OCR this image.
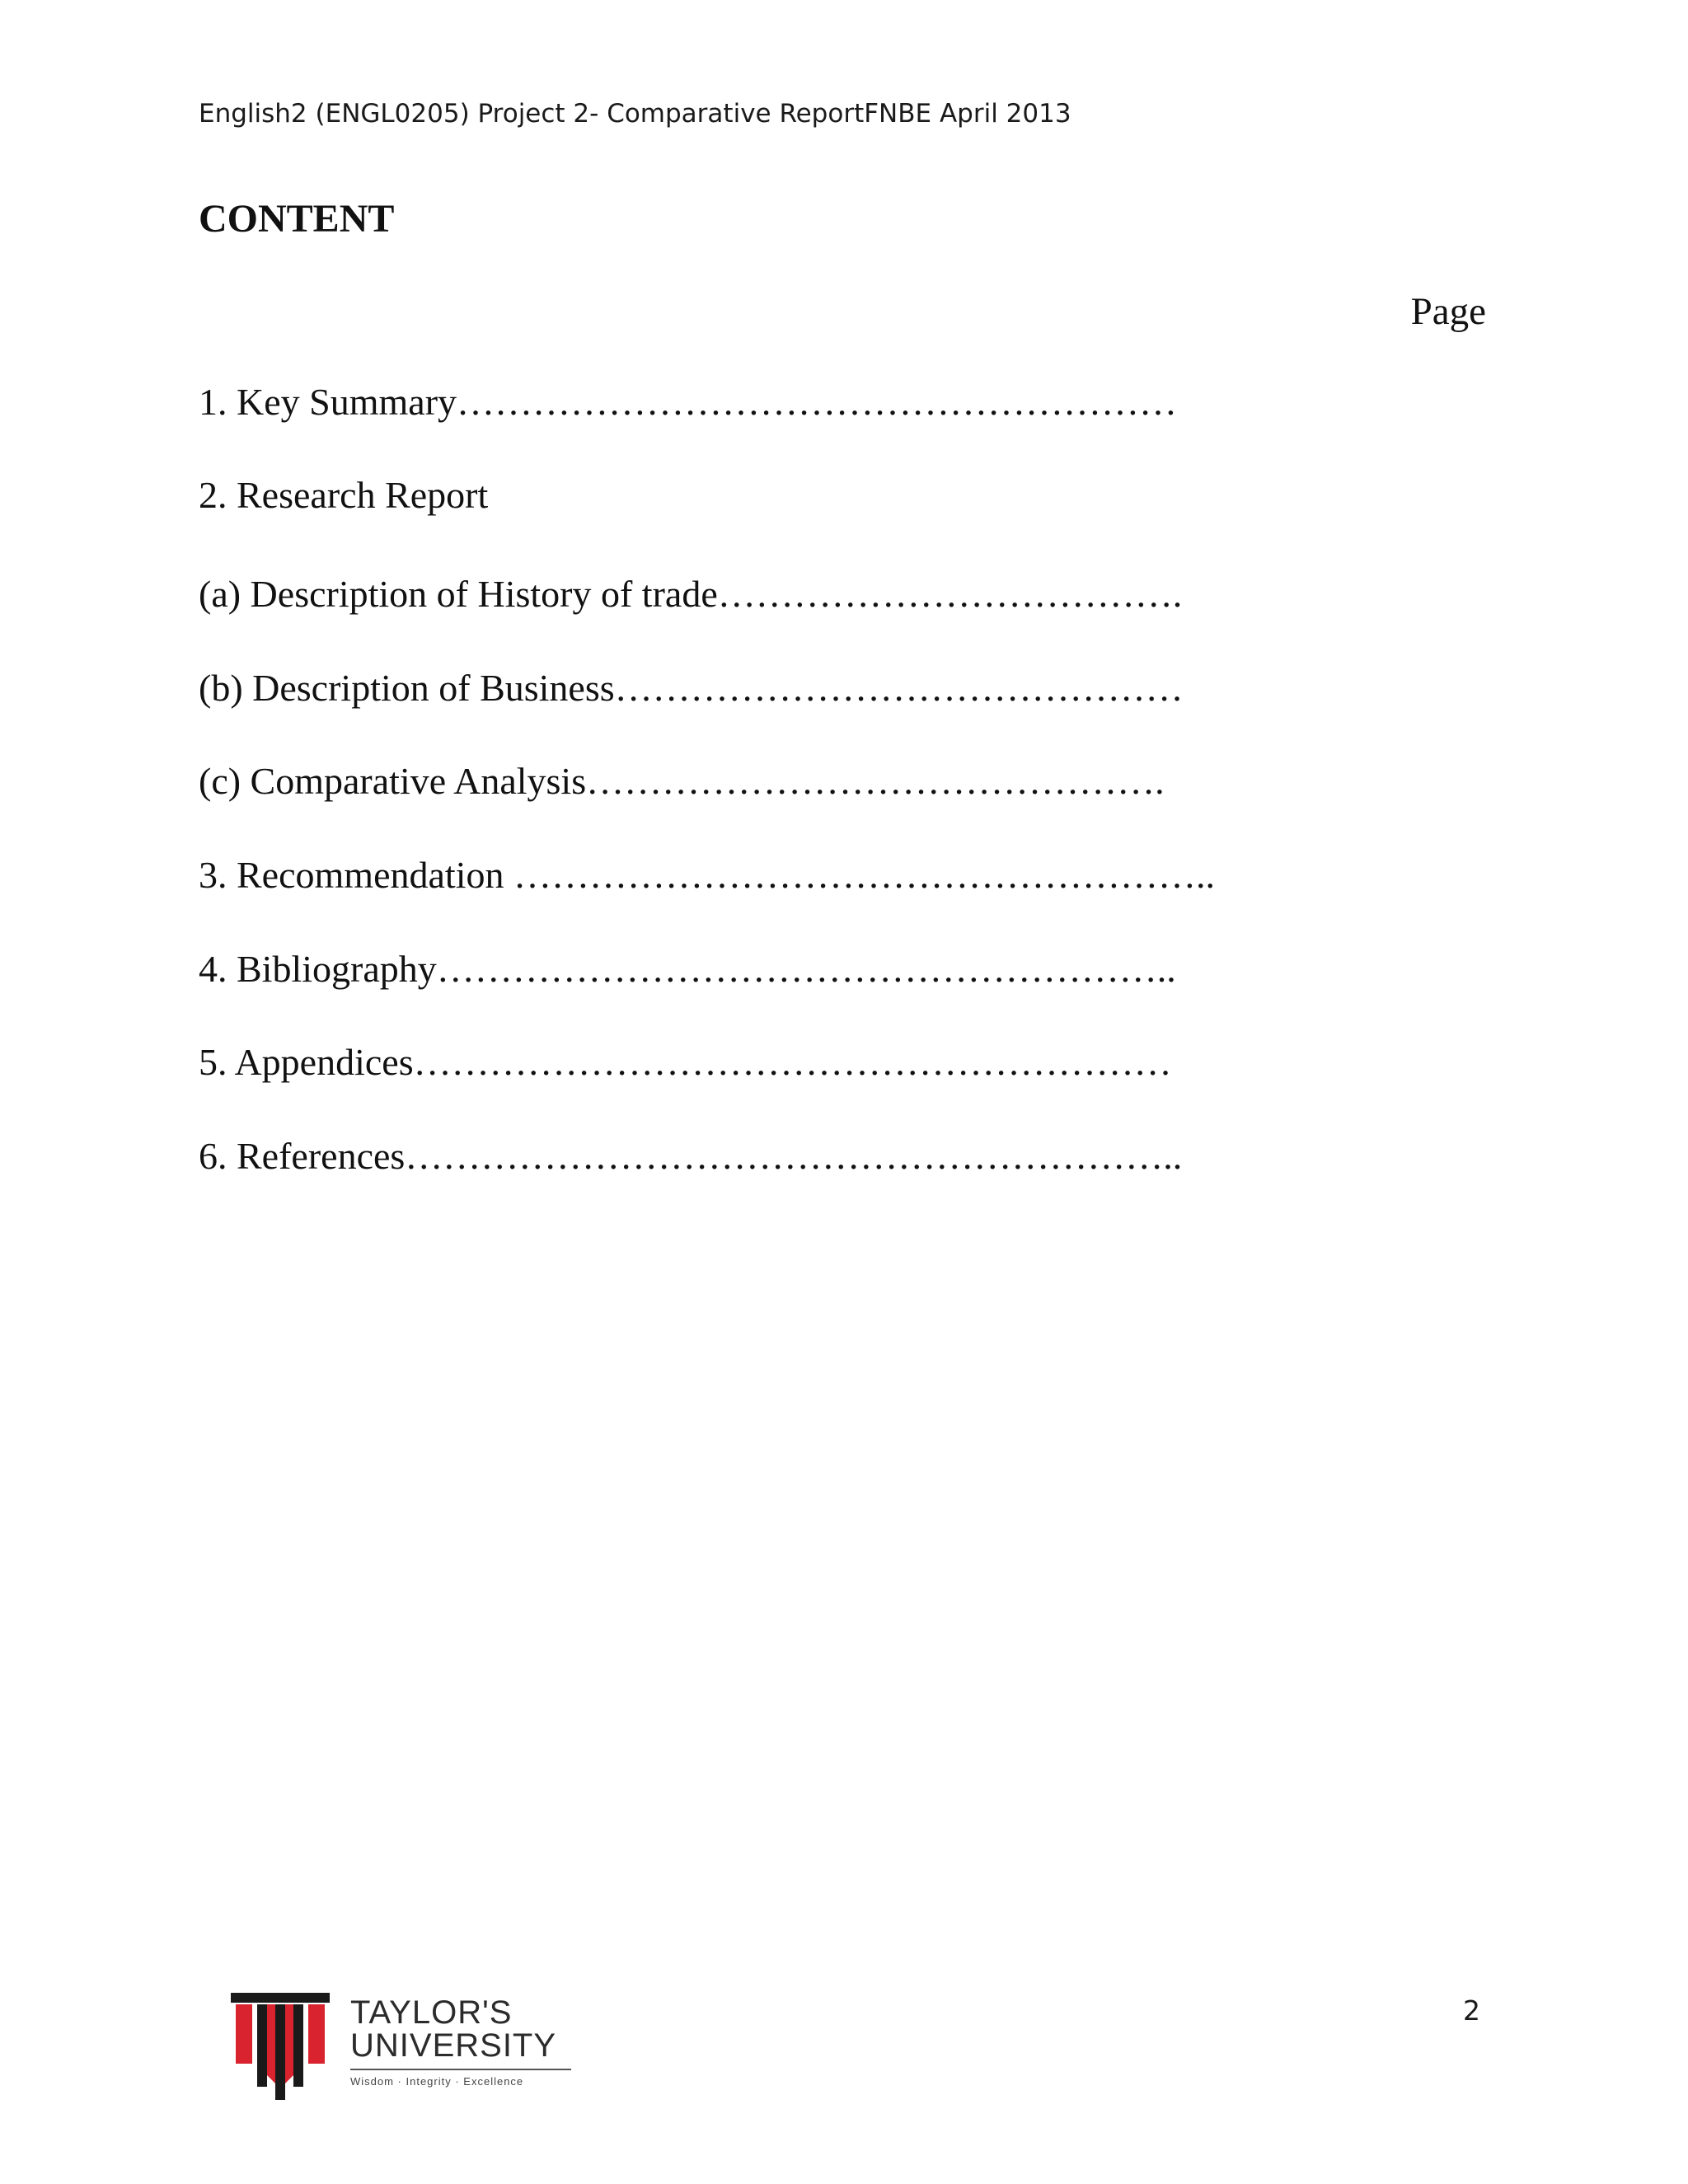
English2 (ENGL0205) Project 2- Comparative ReportFNBE April 2013
CONTENT
Page
1. Key Summary…………………………………………………
2. Research Report
(a) Description of History of trade……………………………….
(b) Description of Business………………………………………
(c) Comparative Analysis……………………………………….
3. Recommendation ………………………………………………..
4. Bibliography…………………………………………………..
5. Appendices……………………………………………………
6. References……………………………………………………..
TAYLOR'S
UNIVERSITY
Wisdom · Integrity · Excellence
2
